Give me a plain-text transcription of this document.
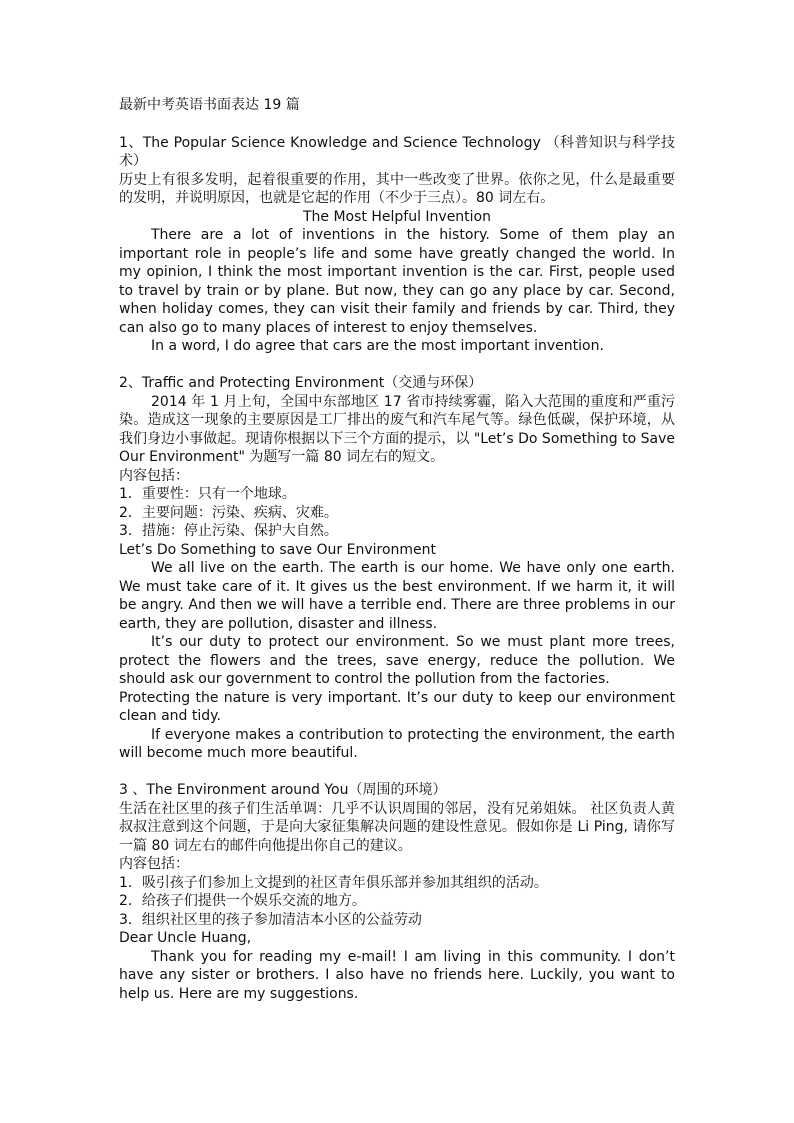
最新中考英语书面表达 19 篇

1、The Popular Science Knowledge and Science Technology （科普知识与科学技术）

历史上有很多发明，起着很重要的作用，其中一些改变了世界。依你之见，什么是最重要的发明，并说明原因，也就是它起的作用（不少于三点）。80 词左右。

The Most Helpful Invention

There are a lot of inventions in the history. Some of them play an important role in people’s life and some have greatly changed the world. In my opinion, I think the most important invention is the car. First, people used to travel by train or by plane. But now, they can go any place by car. Second, when holiday comes, they can visit their family and friends by car. Third, they can also go to many places of interest to enjoy themselves.

In a word, I do agree that cars are the most important invention.

2、Traffic and Protecting Environment（交通与环保）

2014 年 1 月上旬，全国中东部地区 17 省市持续雾霾，陷入大范围的重度和严重污染。造成这一现象的主要原因是工厂排出的废气和汽车尾气等。绿色低碳，保护环境，从我们身边小事做起。现请你根据以下三个方面的提示，以 "Let’s Do Something to Save Our Environment" 为题写一篇 80 词左右的短文。

内容包括：

1．重要性：只有一个地球。

2．主要问题：污染、疾病、灾难。

3．措施：停止污染、保护大自然。

Let’s Do Something to save Our Environment

We all live on the earth. The earth is our home. We have only one earth. We must take care of it. It gives us the best environment. If we harm it, it will be angry. And then we will have a terrible end. There are three problems in our earth, they are pollution, disaster and illness.

It’s our duty to protect our environment. So we must plant more trees, protect the flowers and the trees, save energy, reduce the pollution. We should ask our government to control the pollution from the factories.

Protecting the nature is very important. It’s our duty to keep our environment clean and tidy.

If everyone makes a contribution to protecting the environment, the earth will become much more beautiful.

3 、The Environment around You（周围的环境）

生活在社区里的孩子们生活单调：几乎不认识周围的邻居，没有兄弟姐妹。 社区负责人黄叔叔注意到这个问题，于是向大家征集解决问题的建设性意见。假如你是 Li Ping, 请你写一篇 80 词左右的邮件向他提出你自己的建议。

内容包括：

1．吸引孩子们参加上文提到的社区青年俱乐部并参加其组织的活动。

2．给孩子们提供一个娱乐交流的地方。

3．组织社区里的孩子参加清洁本小区的公益劳动

Dear Uncle Huang,

Thank you for reading my e-mail! I am living in this community. I don’t have any sister or brothers. I also have no friends here. Luckily, you want to help us. Here are my suggestions.
